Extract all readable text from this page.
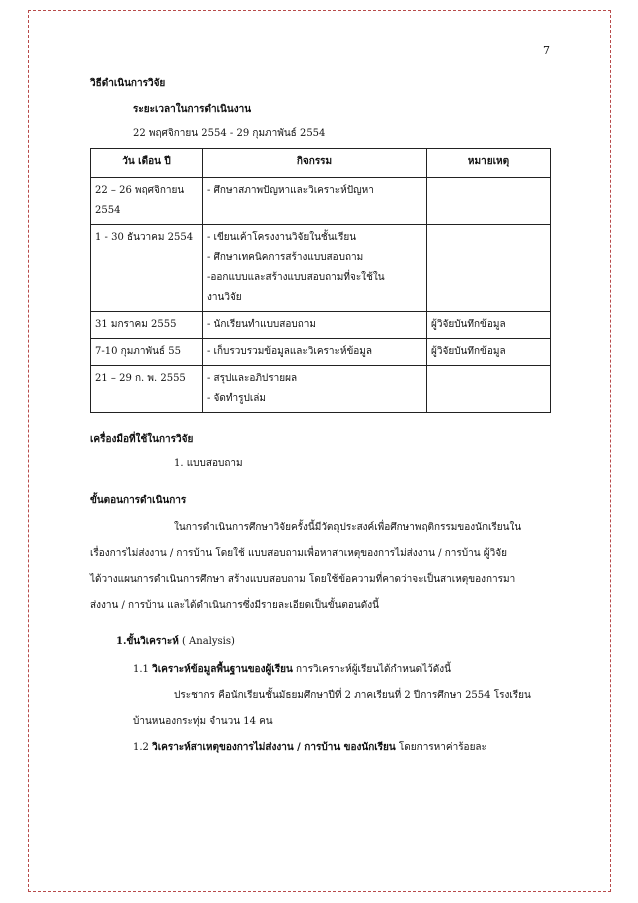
7
วิธีดำเนินการวิจัย
ระยะเวลาในการดำเนินงาน
22 พฤศจิกายน 2554 - 29 กุมภาพันธ์ 2554
วัน เดือน ปี	กิจกรรม	หมายเหตุ

22 – 26 พฤศจิกายน
2554	- ศึกษาสภาพปัญหาและวิเคราะห์ปัญหา	

1 - 30 ธันวาคม 2554	- เขียนเค้าโครงงานวิจัยในชั้นเรียน
- ศึกษาเทคนิคการสร้างแบบสอบถาม
-ออกแบบและสร้างแบบสอบถามที่จะใช้ใน
งานวิจัย	

31 มกราคม 2555	- นักเรียนทำแบบสอบถาม	ผู้วิจัยบันทึกข้อมูล

7-10 กุมภาพันธ์ 55	- เก็บรวบรวมข้อมูลและวิเคราะห์ข้อมูล	ผู้วิจัยบันทึกข้อมูล

21 – 29 ก. พ. 2555	- สรุปและอภิปรายผล
- จัดทำรูปเล่ม	

เครื่องมือที่ใช้ในการวิจัย
1. แบบสอบถาม
ขั้นตอนการดำเนินการ
ในการดำเนินการศึกษาวิจัยครั้งนี้มีวัตถุประสงค์เพื่อศึกษาพฤติกรรมของนักเรียนใน
เรื่องการไม่ส่งงาน / การบ้าน โดยใช้ แบบสอบถามเพื่อหาสาเหตุของการไม่ส่งงาน / การบ้าน ผู้วิจัย
ได้วางแผนการดำเนินการศึกษา สร้างแบบสอบถาม โดยใช้ข้อความที่คาดว่าจะเป็นสาเหตุของการมา
ส่งงาน / การบ้าน และได้ดำเนินการซึ่งมีรายละเอียดเป็นขั้นตอนดังนี้
1.ขั้นวิเคราะห์ ( Analysis)
1.1 วิเคราะห์ข้อมูลพื้นฐานของผู้เรียน การวิเคราะห์ผู้เรียนได้กำหนดไว้ดังนี้
ประชากร คือนักเรียนชั้นมัธยมศึกษาปีที่ 2 ภาคเรียนที่ 2 ปีการศึกษา 2554 โรงเรียน
บ้านหนองกระทุ่ม จำนวน 14 คน
1.2 วิเคราะห์สาเหตุของการไม่ส่งงาน / การบ้าน ของนักเรียน โดยการหาค่าร้อยละ
